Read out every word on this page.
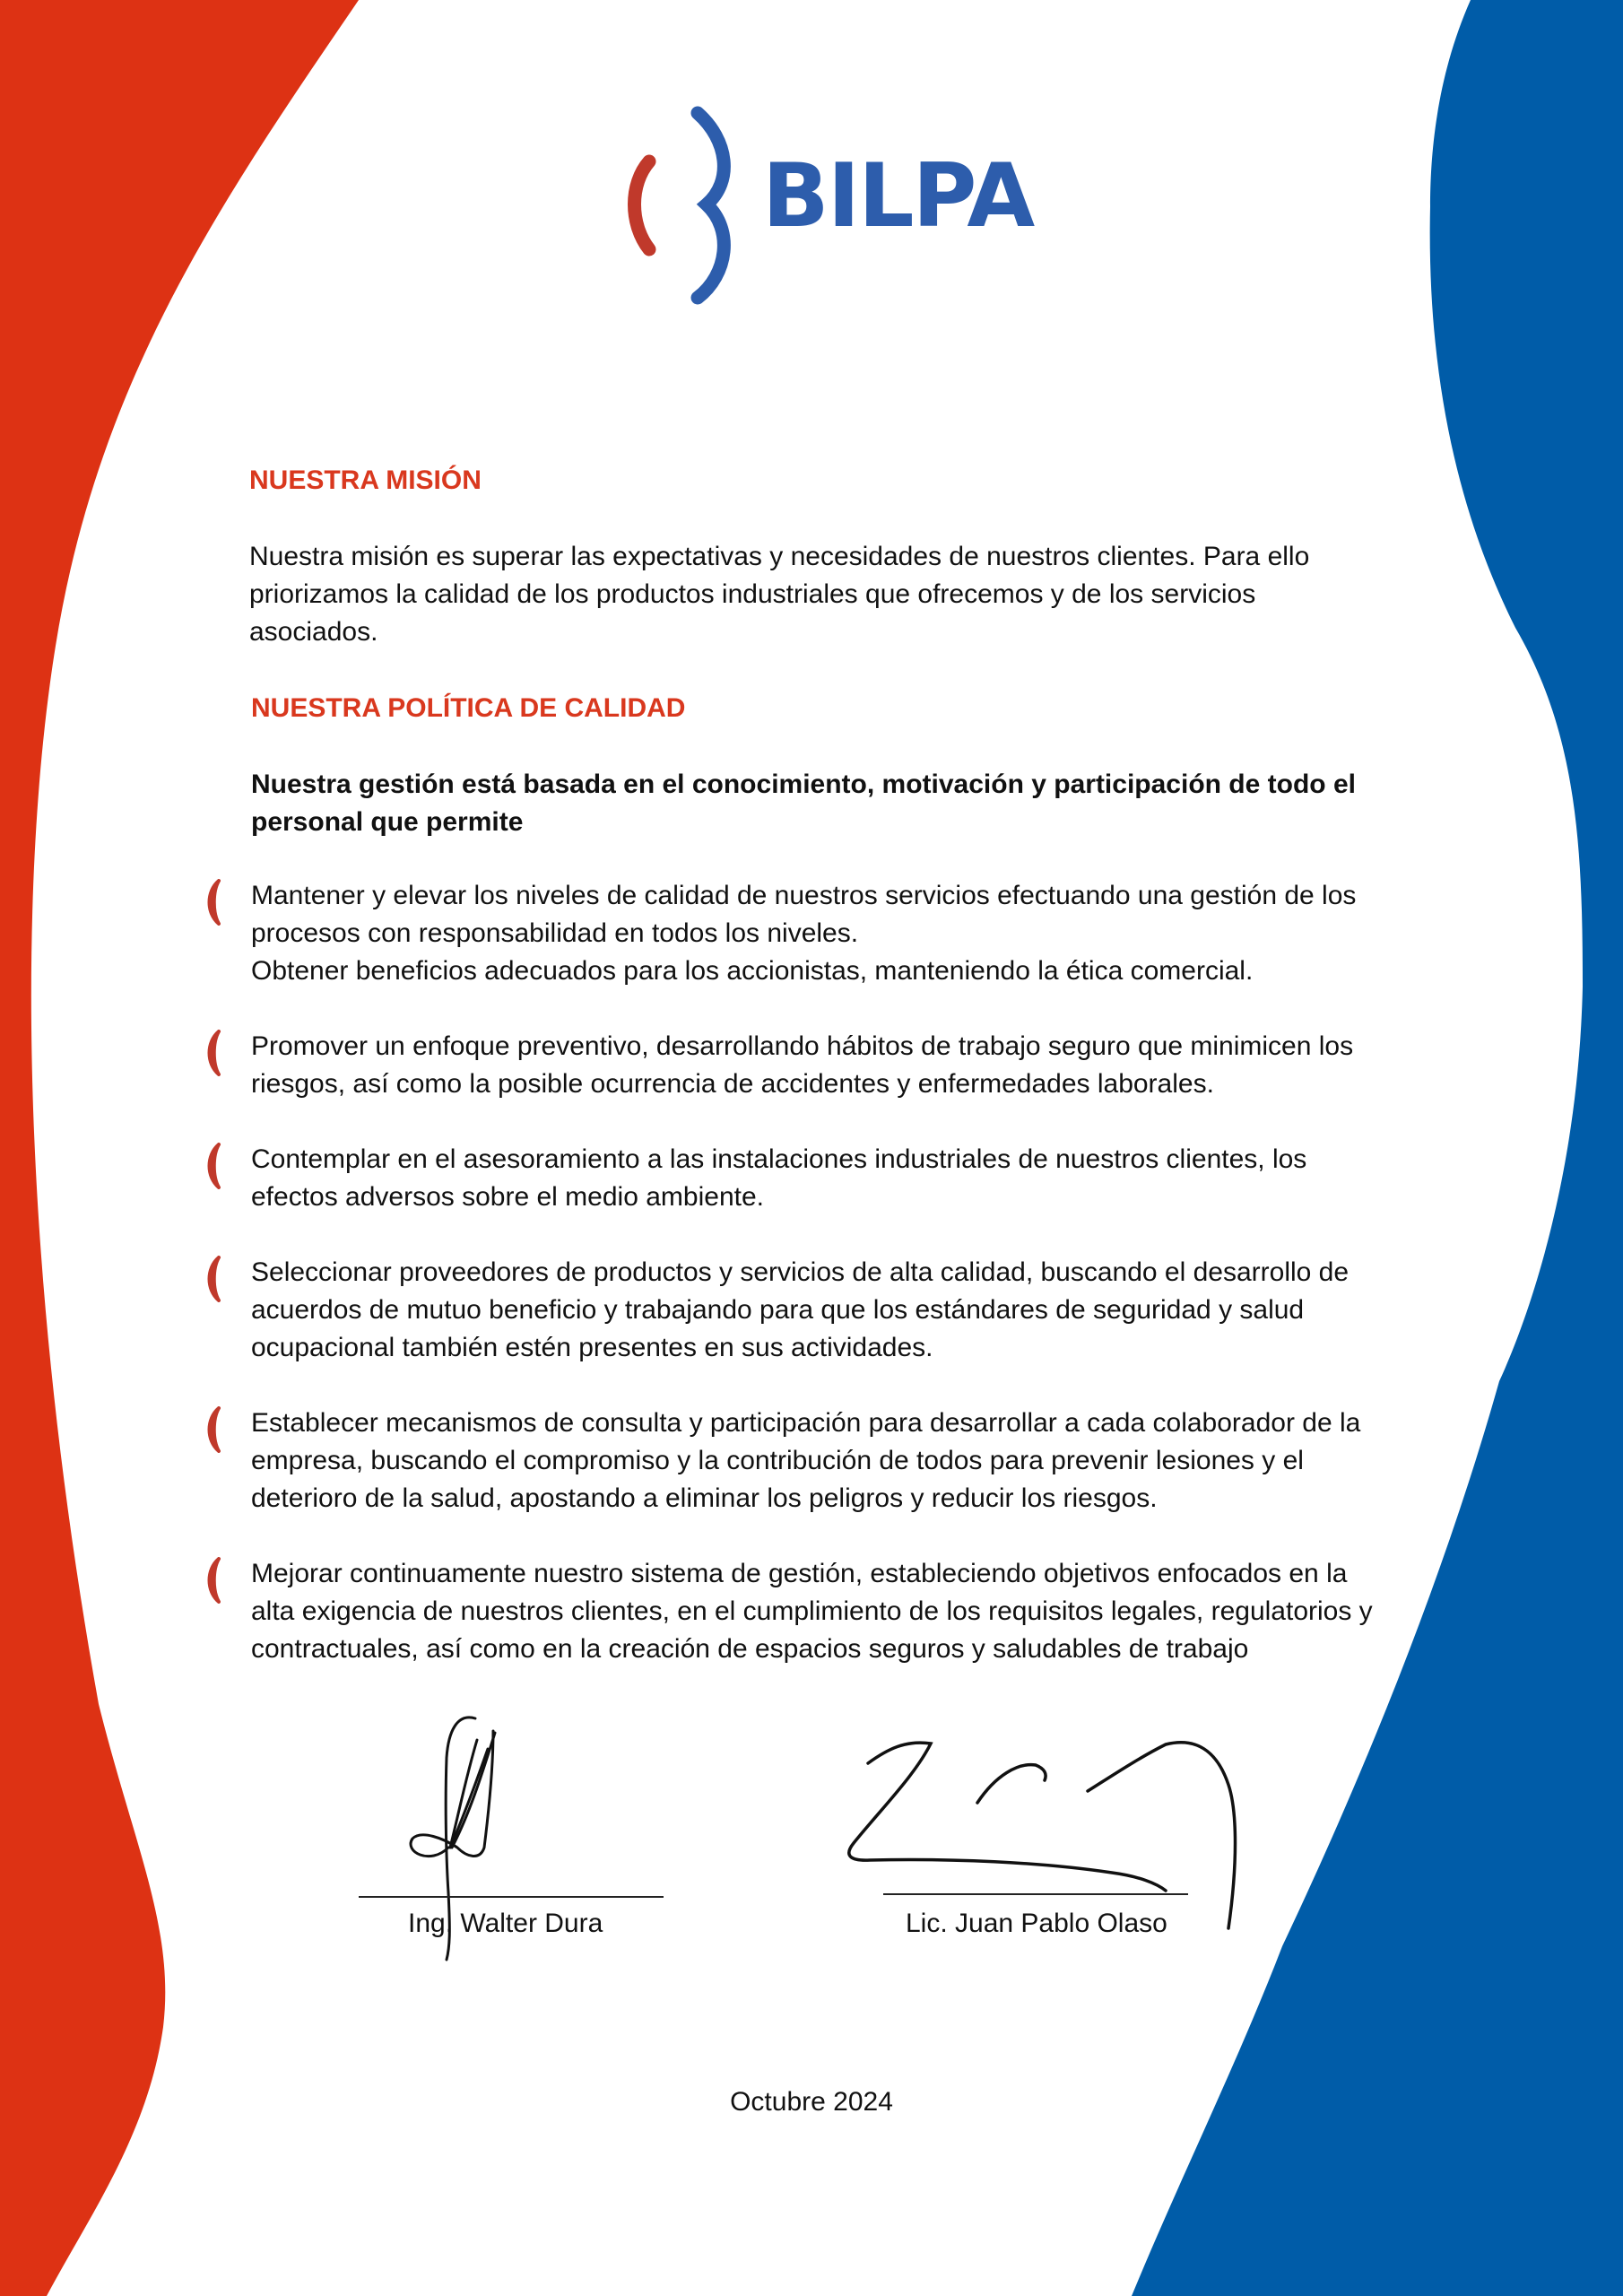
BILPA
NUESTRA MISIÓN

Nuestra misión es superar las expectativas y necesidades de nuestros clientes. Para ello priorizamos la calidad de los productos industriales que ofrecemos y de los servicios asociados.

NUESTRA POLÍTICA DE CALIDAD

Nuestra gestión está basada en el conocimiento, motivación y participación de todo el personal que permite

Mantener y elevar los niveles de calidad de nuestros servicios efectuando una gestión de los procesos con responsabilidad en todos los niveles.
Obtener beneficios adecuados para los accionistas, manteniendo la ética comercial.
Promover un enfoque preventivo, desarrollando hábitos de trabajo seguro que minimicen los riesgos, así como la posible ocurrencia de accidentes y enfermedades laborales.
Contemplar en el asesoramiento a las instalaciones industriales de nuestros clientes, los efectos adversos sobre el medio ambiente.
Seleccionar proveedores de productos y servicios de alta calidad, buscando el desarrollo de acuerdos de mutuo beneficio y trabajando para que los estándares de seguridad y salud ocupacional también estén presentes en sus actividades.
Establecer mecanismos de consulta y participación para desarrollar a cada colaborador de la empresa, buscando el compromiso y la contribución de todos para prevenir lesiones y el deterioro de la salud, apostando a eliminar los peligros y reducir los riesgos.
Mejorar continuamente nuestro sistema de gestión, estableciendo objetivos enfocados en la alta exigencia de nuestros clientes, en el cumplimiento de los requisitos legales, regulatorios y contractuales, así como en la creación de espacios seguros y saludables de trabajo
Ing. Walter Dura	Lic. Juan Pablo Olaso
Octubre 2024
